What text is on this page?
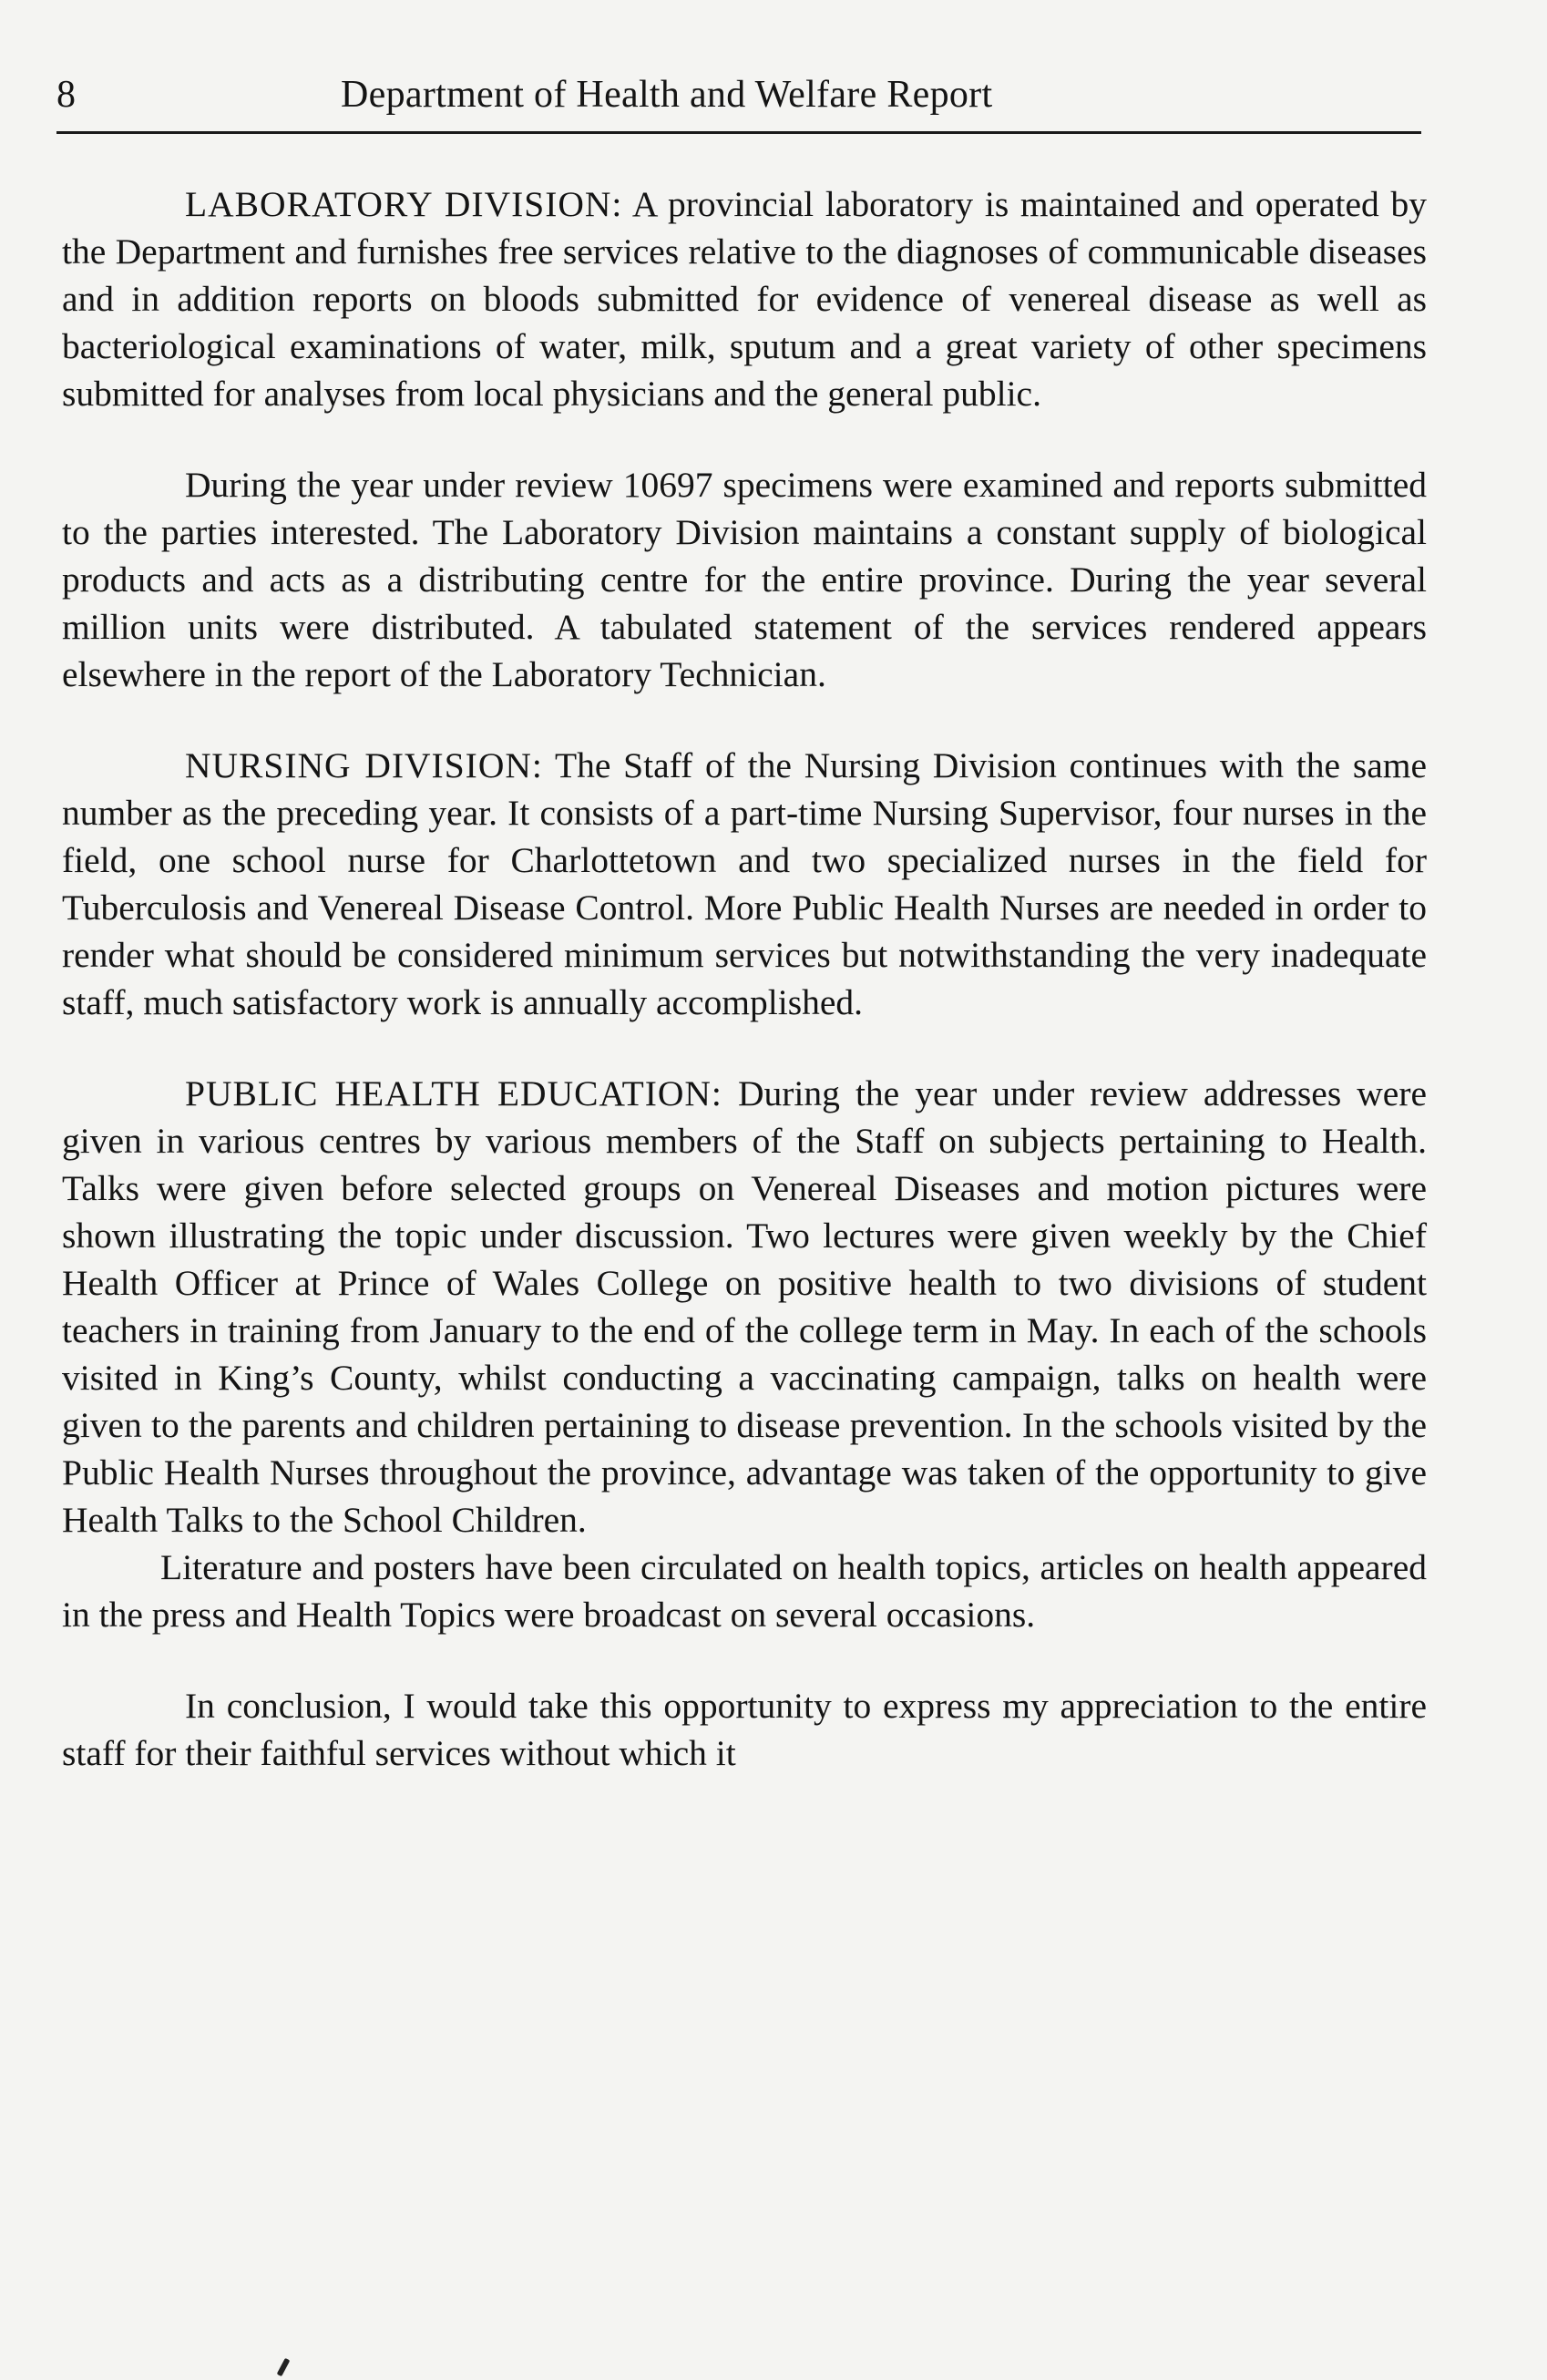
8	Department of Health and Welfare Report

LABORATORY DIVISION: A provincial laboratory is maintained and operated by the Department and furnishes free services relative to the diagnoses of communicable diseases and in addition reports on bloods submitted for evidence of venereal disease as well as bacteriological examinations of water, milk, sputum and a great variety of other specimens submitted for analyses from local physicians and the general public.

During the year under review 10697 specimens were examined and reports submitted to the parties interested. The Laboratory Division maintains a constant supply of biological products and acts as a distributing centre for the entire province. During the year several million units were distributed. A tabulated statement of the services rendered appears elsewhere in the report of the Laboratory Technician.

NURSING DIVISION: The Staff of the Nursing Division continues with the same number as the preceding year. It consists of a part-time Nursing Supervisor, four nurses in the field, one school nurse for Charlottetown and two specialized nurses in the field for Tuberculosis and Venereal Disease Control. More Public Health Nurses are needed in order to render what should be considered minimum services but notwithstanding the very inadequate staff, much satisfactory work is annually accomplished.

PUBLIC HEALTH EDUCATION: During the year under review addresses were given in various centres by various members of the Staff on subjects pertaining to Health. Talks were given before selected groups on Venereal Diseases and motion pictures were shown illustrating the topic under discussion. Two lectures were given weekly by the Chief Health Officer at Prince of Wales College on positive health to two divisions of student teachers in training from January to the end of the college term in May. In each of the schools visited in King’s County, whilst conducting a vaccinating campaign, talks on health were given to the parents and children pertaining to disease prevention. In the schools visited by the Public Health Nurses throughout the province, advantage was taken of the opportunity to give Health Talks to the School Children.

Literature and posters have been circulated on health topics, articles on health appeared in the press and Health Topics were broadcast on several occasions.

In conclusion, I would take this opportunity to express my appreciation to the entire staff for their faithful services without which it
